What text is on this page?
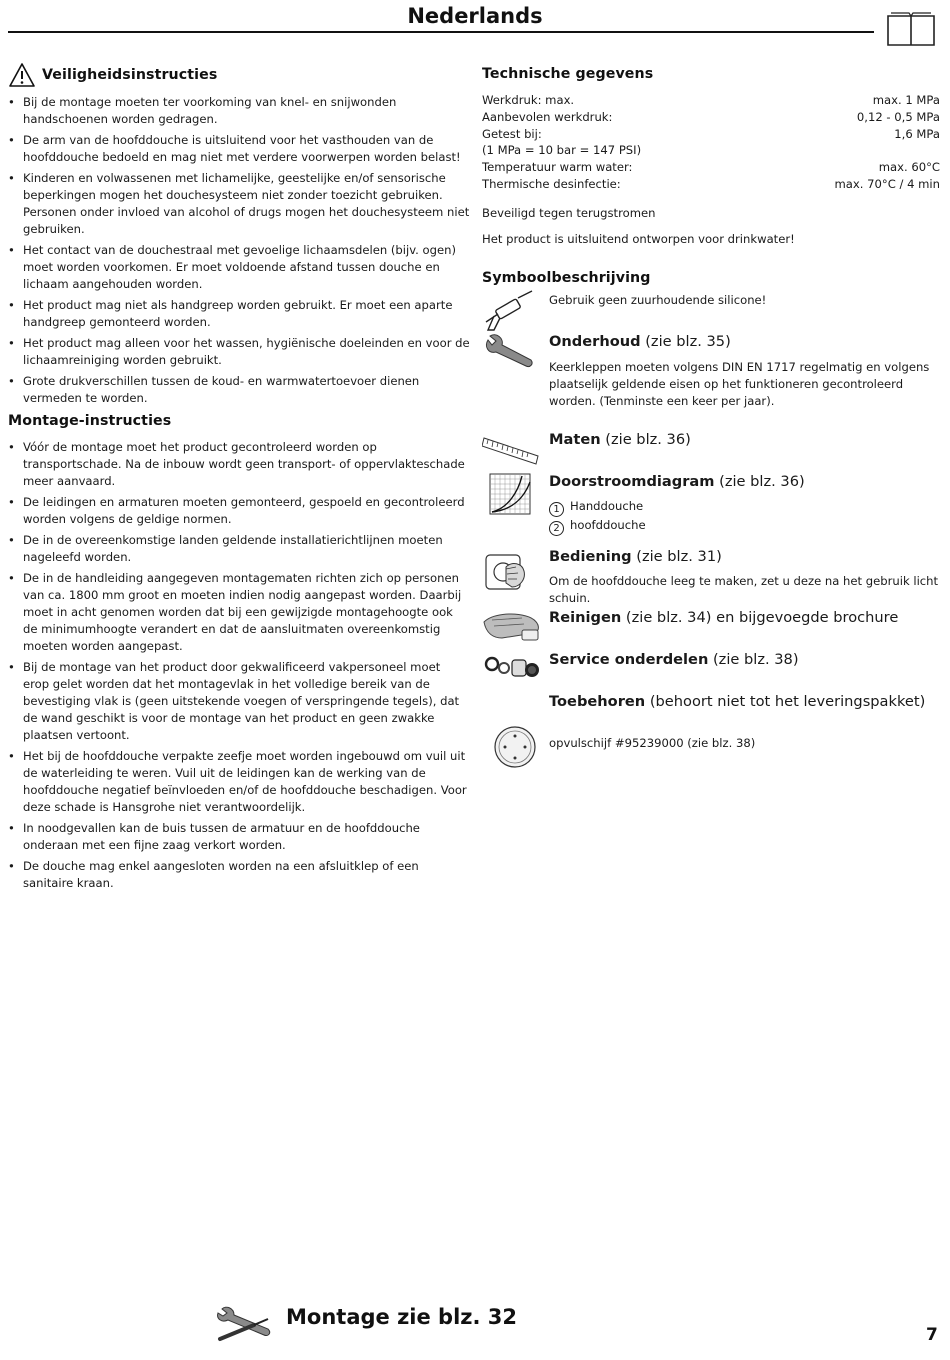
Nederlands
Veiligheidsinstructies
• Bij de montage moeten ter voorkoming van knel- en snijwonden handschoenen worden gedragen.
• De arm van de hoofddouche is uitsluitend voor het vasthouden van de hoofddouche bedoeld en mag niet met verdere voorwerpen worden belast!
• Kinderen en volwassenen met lichamelijke, geestelijke en/of sensorische beperkingen mogen het douchesysteem niet zonder toezicht gebruiken. Personen onder invloed van alcohol of drugs mogen het douchesysteem niet gebruiken.
• Het contact van de douchestraal met gevoelige lichaamsdelen (bijv. ogen) moet worden voorkomen. Er moet voldoende afstand tussen douche en lichaam aangehouden worden.
• Het product mag niet als handgreep worden gebruikt. Er moet een aparte handgreep gemonteerd worden.
• Het product mag alleen voor het wassen, hygiënische doeleinden en voor de lichaamreiniging worden gebruikt.
• Grote drukverschillen tussen de koud- en warmwatertoevoer dienen vermeden te worden.
Montage-instructies
• Vóór de montage moet het product gecontroleerd worden op transportschade. Na de inbouw wordt geen transport- of oppervlakteschade meer aanvaard.
• De leidingen en armaturen moeten gemonteerd, gespoeld en gecontroleerd worden volgens de geldige normen.
• De in de overeenkomstige landen geldende installatierichtlijnen moeten nageleefd worden.
• De in de handleiding aangegeven montagematen richten zich op personen van ca. 1800 mm groot en moeten indien nodig aangepast worden. Daarbij moet in acht genomen worden dat bij een gewijzigde montagehoogte ook de minimumhoogte verandert en dat de aansluitmaten overeenkomstig moeten worden aangepast.
• Bij de montage van het product door gekwalificeerd vakpersoneel moet erop gelet worden dat het montagevlak in het volledige bereik van de bevestiging vlak is (geen uitstekende voegen of verspringende tegels), dat de wand geschikt is voor de montage van het product en geen zwakke plaatsen vertoont.
• Het bij de hoofddouche verpakte zeefje moet worden ingebouwd om vuil uit de waterleiding te weren. Vuil uit de leidingen kan de werking van de hoofddouche negatief beïnvloeden en/of de hoofddouche beschadigen. Voor deze schade is Hansgrohe niet verantwoordelijk.
• In noodgevallen kan de buis tussen de armatuur en de hoofddouche onderaan met een fijne zaag verkort worden.
• De douche mag enkel aangesloten worden na een afsluitklep of een sanitaire kraan.
Technische gegevens
Werkdruk: max.	max. 1 MPa
Aanbevolen werkdruk:	0,12 - 0,5 MPa
Getest bij:	1,6 MPa
(1 MPa = 10 bar = 147 PSI)	
Temperatuur warm water:	max. 60°C
Thermische desinfectie:	max. 70°C / 4 min
Beveiligd tegen terugstromen
Het product is uitsluitend ontworpen voor drinkwater!
Symboolbeschrijving
Gebruik geen zuurhoudende silicone!
Onderhoud (zie blz. 35)
Keerkleppen moeten volgens DIN EN 1717 regelmatig en volgens plaatselijk geldende eisen op het funktioneren gecontroleerd worden. (Tenminste een keer per jaar).
Maten (zie blz. 36)
Doorstroomdiagram (zie blz. 36)
1 Handdouche
2 hoofddouche
Bediening (zie blz. 31)
Om de hoofddouche leeg te maken, zet u deze na het gebruik licht schuin.
Reinigen (zie blz. 34) en bijgevoegde brochure
Service onderdelen (zie blz. 38)
Toebehoren (behoort niet tot het leveringspakket)
opvulschijf #95239000 (zie blz. 38)
Montage zie blz. 32
7
